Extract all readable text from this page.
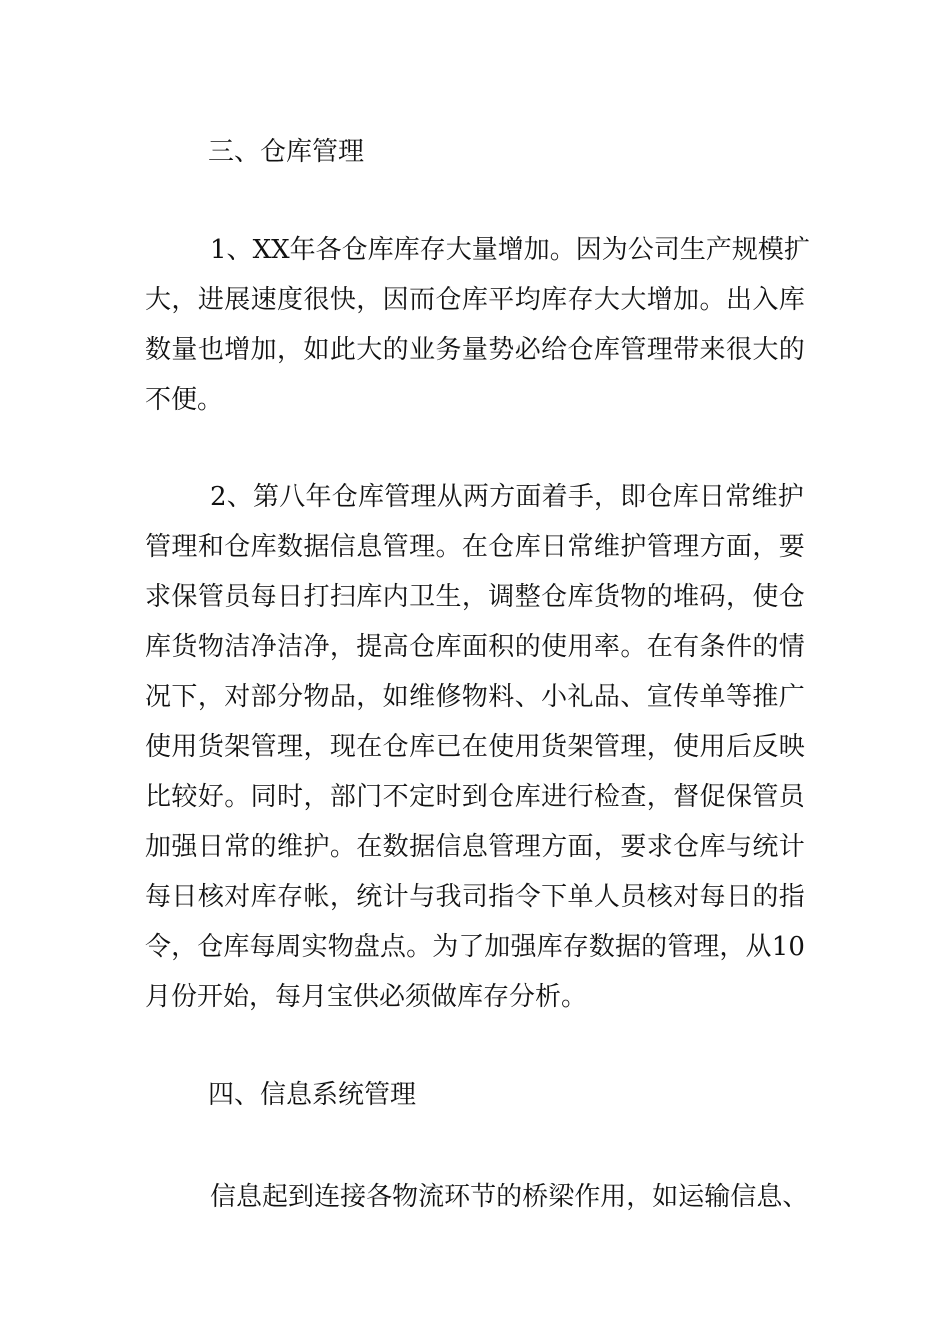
三、仓库管理

1 、 X X 年 各 仓 库 库 存 大 量 增 加 。 因 为 公 司 生 产 规 模 扩

大 ， 进 展 速 度 很 快 ， 因 而 仓 库 平 均 库 存 大 大 增 加 。 出 入 库

数 量 也 增 加 ， 如 此 大 的 业 务 量 势 必 给 仓 库 管 理 带 来 很 大 的

不便。

2 、 第 八 年 仓 库 管 理 从 两 方 面 着 手 ， 即 仓 库 日 常 维 护

管 理 和 仓 库 数 据 信 息 管 理 。 在 仓 库 日 常 维 护 管 理 方 面 ， 要

求 保 管 员 每 日 打 扫 库 内 卫 生 ， 调 整 仓 库 货 物 的 堆 码 ， 使 仓

库 货 物 洁 净 洁 净 ， 提 高 仓 库 面 积 的 使 用 率 。 在 有 条 件 的 情

况 下 ， 对 部 分 物 品 ， 如 维 修 物 料 、 小 礼 品 、 宣 传 单 等 推 广

使 用 货 架 管 理 ， 现 在 仓 库 已 在 使 用 货 架 管 理 ， 使 用 后 反 映

比 较 好 。 同 时 ， 部 门 不 定 时 到 仓 库 进 行 检 查 ， 督 促 保 管 员

加 强 日 常 的 维 护 。 在 数 据 信 息 管 理 方 面 ， 要 求 仓 库 与 统 计

每 日 核 对 库 存 帐 ， 统 计 与 我 司 指 令 下 单 人 员 核 对 每 日 的 指

令 ， 仓 库 每 周 实 物 盘 点 。 为 了 加 强 库 存 数 据 的 管 理 ， 从 1 0

月份开始，每月宝供必须做库存分析。

四、信息系统管理

信 息 起 到 连 接 各 物 流 环 节 的 桥 梁 作 用 ， 如 运 输 信 息 、
